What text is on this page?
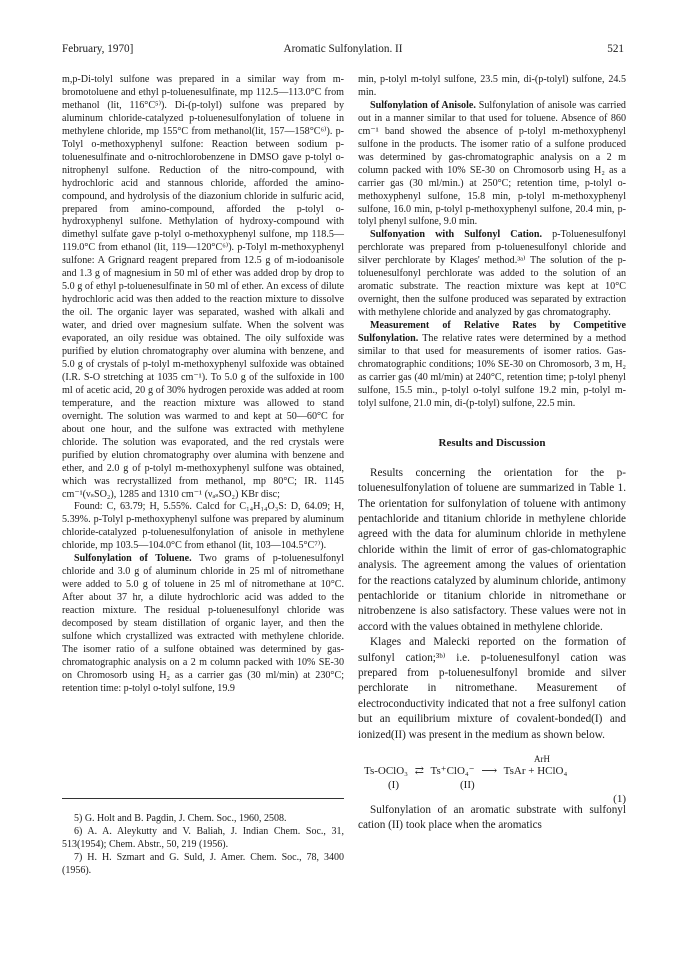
February, 1970]	Aromatic Sulfonylation. II	521

m,p-Di-tolyl sulfone was prepared in a similar way from m-bromotoluene and ethyl p-toluenesulfinate, mp 112.5—113.0°C from methanol (lit, 116°C⁵⁾). Di-(p-tolyl) sulfone was prepared by aluminum chloride-catalyzed p-toluenesulfonylation of toluene in methylene chloride, mp 155°C from methanol(lit, 157—158°C⁶⁾). p-Tolyl o-methoxyphenyl sulfone: Reaction between sodium p-toluenesulfinate and o-nitrochlorobenzene in DMSO gave p-tolyl o-nitrophenyl sulfone. Reduction of the nitro-compound, with hydrochloric acid and stannous chloride, afforded the amino-compound, and hydrolysis of the diazonium chloride in sulfuric acid, prepared from amino-compound, afforded the p-tolyl o-hydroxyphenyl sulfone. Methylation of hydroxy-compound with dimethyl sulfate gave p-tolyl o-methoxyphenyl sulfone, mp 118.5—119.0°C from ethanol (lit, 119—120°C⁶⁾). p-Tolyl m-methoxyphenyl sulfone: A Grignard reagent prepared from 12.5 g of m-iodoanisole and 1.3 g of magnesium in 50 ml of ether was added drop by drop to 5.0 g of ethyl p-toluenesulfinate in 50 ml of ether. An excess of dilute hydrochloric acid was then added to the reaction mixture to dissolve the oil. The organic layer was separated, washed with alkali and water, and dried over magnesium sulfate. When the solvent was evaporated, an oily residue was obtained. The oily sulfoxide was purified by elution chromatography over alumina with benzene, and 5.0 g of crystals of p-tolyl m-methoxyphenyl sulfoxide was obtained (I.R. S-O stretching at 1035 cm⁻¹). To 5.0 g of the sulfoxide in 100 ml of acetic acid, 20 g of 30% hydrogen peroxide was added at room temperature, and the reaction mixture was allowed to stand overnight. The solution was warmed to and kept at 50—60°C for about one hour, and the sulfone was extracted with methylene chloride. The solution was evaporated, and the red crystals were purified by elution chromatography over alumina with benzene and ether, and 2.0 g of p-tolyl m-methoxyphenyl sulfone was obtained, which was recrystallized from methanol, mp 80°C; IR. 1145 cm⁻¹(νₛSO₂), 1285 and 1310 cm⁻¹ (νₐₛSO₂) KBr disc;

Found: C, 63.79; H, 5.55%. Calcd for C₁₄H₁₄O₃S: D, 64.09; H, 5.39%. p-Tolyl p-methoxyphenyl sulfone was prepared by aluminum chloride-catalyzed p-toluenesulfonylation of anisole in methylene chloride, mp 103.5—104.0°C from ethanol (lit, 103—104.5°C⁷⁾).

Sulfonylation of Toluene. Two grams of p-toluenesulfonyl chloride and 3.0 g of aluminum chloride in 25 ml of nitromethane were added to 5.0 g of toluene in 25 ml of nitromethane at 10°C. After about 37 hr, a dilute hydrochloric acid was added to the reaction mixture. The residual p-toluenesulfonyl chloride was decomposed by steam distillation of organic layer, and then the sulfone which crystallized was extracted with methylene chloride. The isomer ratio of a sulfone obtained was determined by gas-chromatographic analysis on a 2 m column packed with 10% SE-30 on Chromosorb using H₂ as a carrier gas (30 ml/min) at 230°C; retention time: p-tolyl o-tolyl sulfone, 19.9

min, p-tolyl m-tolyl sulfone, 23.5 min, di-(p-tolyl) sulfone, 24.5 min.

Sulfonylation of Anisole. Sulfonylation of anisole was carried out in a manner similar to that used for toluene. Absence of 860 cm⁻¹ band showed the absence of p-tolyl m-methoxyphenyl sulfone in the products. The isomer ratio of a sulfone produced was determined by gas-chromatographic analysis on a 2 m column packed with 10% SE-30 on Chromosorb using H₂ as a carrier gas (30 ml/min.) at 250°C; retention time, p-tolyl o-methoxyphenyl sulfone, 15.8 min, p-tolyl m-methoxyphenyl sulfone, 16.0 min, p-tolyl p-methoxyphenyl sulfone, 20.4 min, p-tolyl phenyl sulfone, 9.0 min.

Sulfonyation with Sulfonyl Cation. p-Toluenesulfonyl perchlorate was prepared from p-toluenesulfonyl chloride and silver perchlorate by Klages' method.³ᵃ⁾ The solution of the p-toluenesulfonyl perchlorate was added to the solution of an aromatic substrate. The reaction mixture was kept at 10°C overnight, then the sulfone produced was separated by extraction with methylene chloride and analyzed by gas chromatography.

Measurement of Relative Rates by Competitive Sulfonylation. The relative rates were determined by a method similar to that used for measurements of isomer ratios. Gas-chromatographic conditions; 10% SE-30 on Chromosorb, 3 m, H₂ as carrier gas (40 ml/min) at 240°C, retention time; p-tolyl phenyl sulfone, 15.5 min., p-tolyl o-tolyl sulfone 19.2 min, p-tolyl m-tolyl sulfone, 21.0 min, di-(p-tolyl) sulfone, 22.5 min.

Results and Discussion

Results concerning the orientation for the p-toluenesulfonylation of toluene are summarized in Table 1. The orientation for sulfonylation of toluene with antimony pentachloride and titanium chloride in methylene chloride agreed with the data for aluminum chloride in methylene chloride within the limit of error of gas-chlomatographic analysis. The agreement among the values of orientation for the reactions catalyzed by aluminum chloride, antimony pentachloride or titanium chloride in nitromethane or nitrobenzene is also satisfactory. These values were not in accord with the values obtained in methylene chloride.

Klages and Malecki reported on the formation of sulfonyl cation;³ᵇ⁾ i.e. p-toluenesulfonyl cation was prepared from p-toluenesulfonyl bromide and silver perchlorate in nitromethane. Measurement of electroconductivity indicated that not a free sulfonyl cation but an equilibrium mixture of covalent-bonded(I) and ionized(II) was present in the medium as shown below.

ArH
Ts-OClO₃ ⇄ Ts⁺ClO₄⁻ ⟶ TsAr + HClO₄
(I)	(II)
(1)

Sulfonylation of an aromatic substrate with sulfonyl cation (II) took place when the aromatics

5) G. Holt and B. Pagdin, J. Chem. Soc., 1960, 2508.
6) A. A. Aleykutty and V. Baliah, J. Indian Chem. Soc., 31, 513(1954); Chem. Abstr., 50, 219 (1956).
7) H. H. Szmart and G. Suld, J. Amer. Chem. Soc., 78, 3400 (1956).
